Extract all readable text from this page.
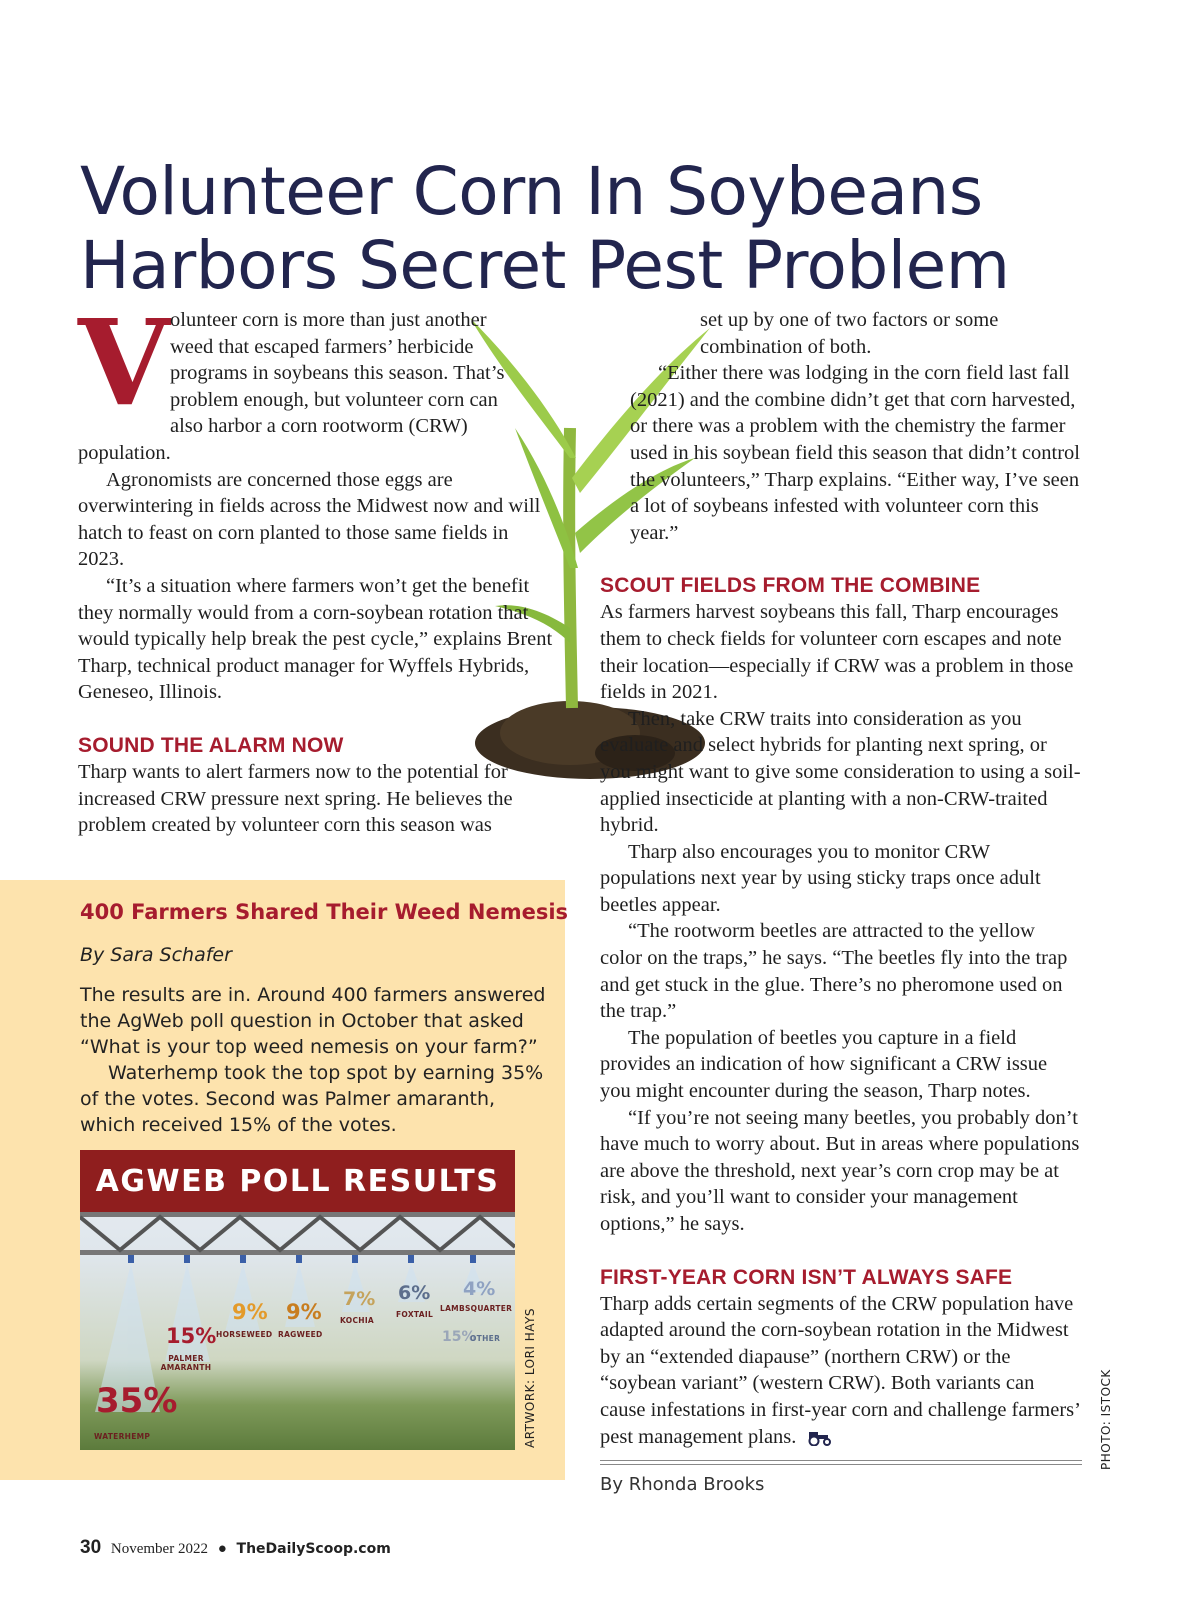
Volunteer Corn In Soybeans
Harbors Secret Pest Problem
V olunteer corn is more than just another weed that escaped farmers’ herbicide programs in soybeans this season. That’s problem enough, but volunteer corn can also harbor a corn rootworm (CRW) population.

Agronomists are concerned those eggs are overwintering in fields across the Midwest now and will hatch to feast on corn planted to those same fields in 2023.

“It’s a situation where farmers won’t get the benefit they normally would from a corn-soybean rotation that would typically help break the pest cycle,” explains Brent Tharp, technical product manager for Wyffels Hybrids, Geneseo, Illinois.

SOUND THE ALARM NOW

Tharp wants to alert farmers now to the potential for increased CRW pressure next spring. He believes the problem created by volunteer corn this season was

set up by one of two factors or some combination of both.

“Either there was lodging in the corn field last fall (2021) and the combine didn’t get that corn harvested, or there was a problem with the chemistry the farmer used in his soybean field this season that didn’t control the volunteers,” Tharp explains. “Either way, I’ve seen a lot of soybeans infested with volunteer corn this year.”

SCOUT FIELDS FROM THE COMBINE

As farmers harvest soybeans this fall, Tharp encourages them to check fields for volunteer corn escapes and note their location—especially if CRW was a problem in those fields in 2021.

Then, take CRW traits into consideration as you evaluate and select hybrids for planting next spring, or you might want to give some consideration to using a soil-applied insecticide at planting with a non-CRW-traited hybrid.

Tharp also encourages you to monitor CRW populations next year by using sticky traps once adult beetles appear.

“The rootworm beetles are attracted to the yellow color on the traps,” he says. “The beetles fly into the trap and get stuck in the glue. There’s no pheromone used on the trap.”

The population of beetles you capture in a field provides an indication of how significant a CRW issue you might encounter during the season, Tharp notes.

“If you’re not seeing many beetles, you probably don’t have much to worry about. But in areas where populations are above the threshold, next year’s corn crop may be at risk, and you’ll want to consider your management options,” he says.

FIRST-YEAR CORN ISN’T ALWAYS SAFE

Tharp adds certain segments of the CRW population have adapted around the corn-soybean rotation in the Midwest by an “extended diapause” (northern CRW) or the “soybean variant” (western CRW). Both variants can cause infestations in first-year corn and challenge farmers’ pest management plans.

By Rhonda Brooks
PHOTO: ISTOCK
400 Farmers Shared Their Weed Nemesis
By Sara Schafer

The results are in. Around 400 farmers answered the AgWeb poll question in October that asked “What is your top weed nemesis on your farm?”

Waterhemp took the top spot by earning 35% of the votes. Second was Palmer amaranth, which received 15% of the votes.

AGWEB POLL RESULTS
35%
WATERHEMP
15%
PALMER AMARANTH
9%
HORSEWEED
9%
RAGWEED
7%
KOCHIA
6%
FOXTAIL
4%
LAMBSQUARTER
15%
OTHER ARTWORK: LORI HAYS
30 November 2022 ● TheDailyScoop.com
